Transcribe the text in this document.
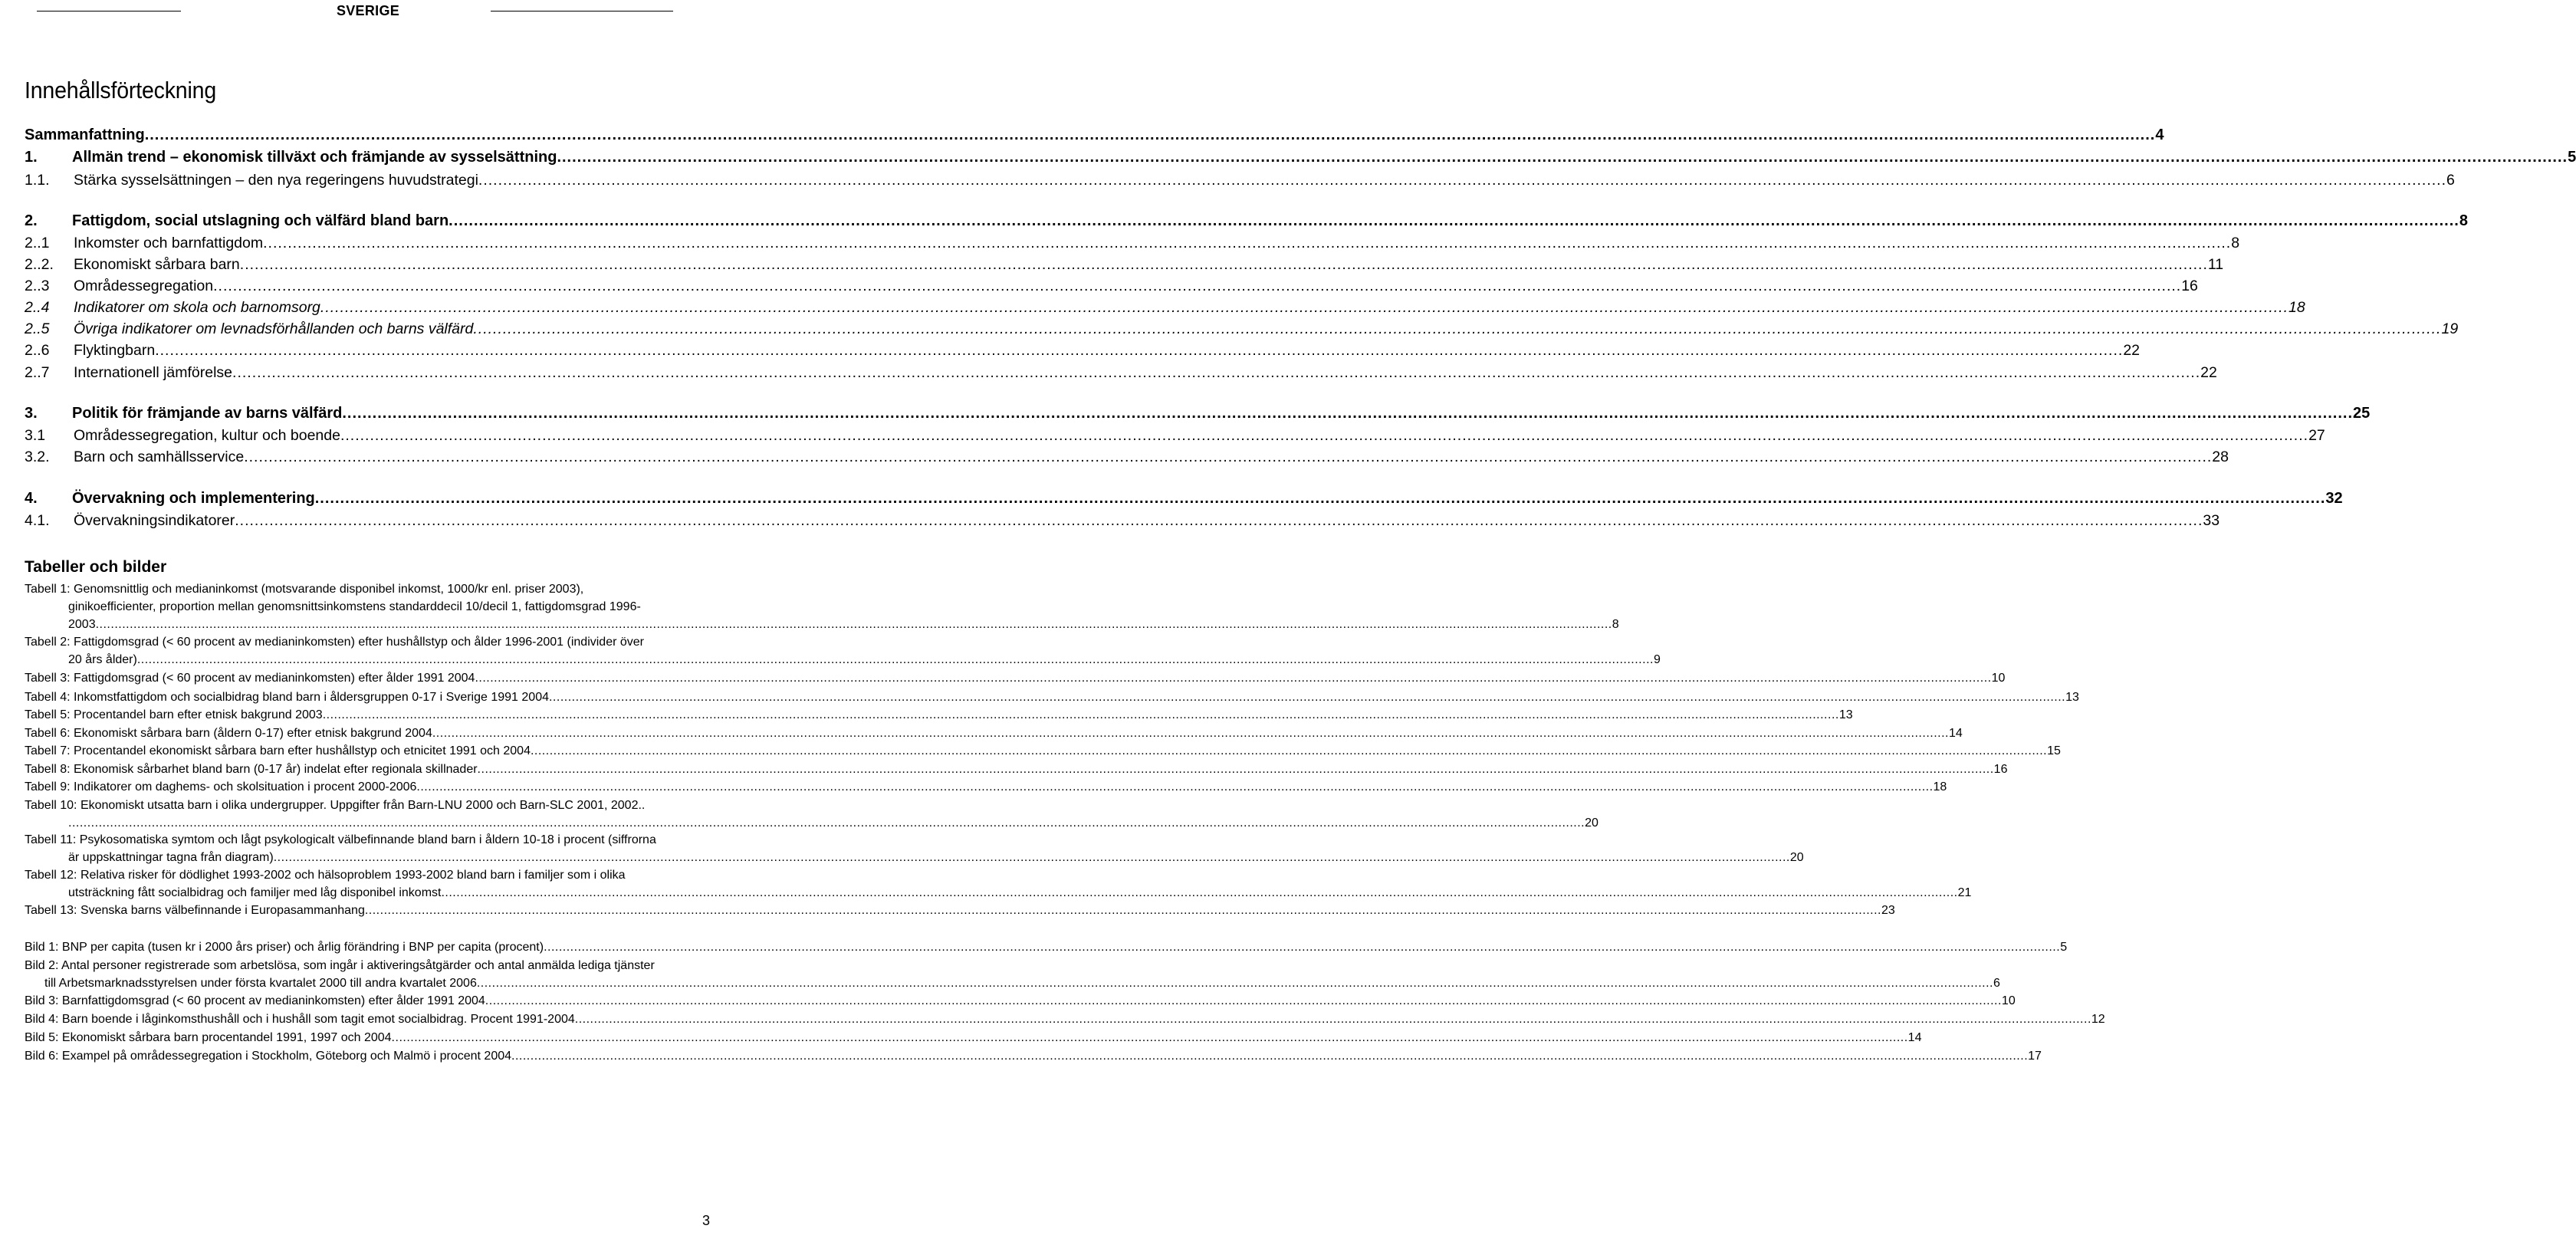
SVERIGE
Innehållsförteckning
Sammanfattning ................................................................................................................................................................................................................................................................................................................................................................................................................ 4
1.	Allmän trend – ekonomisk tillväxt och främjande av sysselsättning ................................................................................................................................................................................................................................................................................................................................................................................................................ 5
1.1.	Stärka sysselsättningen – den nya regeringens huvudstrategi ................................................................................................................................................................................................................................................................................................................................................................................................................ 6
2.	Fattigdom, social utslagning och välfärd bland barn ................................................................................................................................................................................................................................................................................................................................................................................................................ 8
2..1	Inkomster och barnfattigdom ................................................................................................................................................................................................................................................................................................................................................................................................................ 8
2..2.	Ekonomiskt sårbara barn ................................................................................................................................................................................................................................................................................................................................................................................................................ 11
2..3	Områdessegregation ................................................................................................................................................................................................................................................................................................................................................................................................................ 16
2..4	Indikatorer om skola och barnomsorg ................................................................................................................................................................................................................................................................................................................................................................................................................ 18
2..5	Övriga indikatorer om levnadsförhållanden och barns välfärd ................................................................................................................................................................................................................................................................................................................................................................................................................ 19
2..6	Flyktingbarn ................................................................................................................................................................................................................................................................................................................................................................................................................ 22
2..7	Internationell jämförelse ................................................................................................................................................................................................................................................................................................................................................................................................................ 22
3.	Politik för främjande av barns välfärd ................................................................................................................................................................................................................................................................................................................................................................................................................ 25
3.1	Områdessegregation, kultur och boende ................................................................................................................................................................................................................................................................................................................................................................................................................ 27
3.2.	Barn och samhällsservice ................................................................................................................................................................................................................................................................................................................................................................................................................ 28
4.	Övervakning och implementering ................................................................................................................................................................................................................................................................................................................................................................................................................ 32
4.1.	Övervakningsindikatorer ................................................................................................................................................................................................................................................................................................................................................................................................................ 33
Tabeller och bilder
Tabell 1: Genomsnittlig och medianinkomst (motsvarande disponibel inkomst, 1000/kr enl. priser 2003),
ginikoefficienter, proportion mellan genomsnittsinkomstens standarddecil 10/decil 1, fattigdomsgrad 1996-
2003 ................................................................................................................................................................................................................................................................................................................................................................................................................ 8
Tabell 2: Fattigdomsgrad (< 60 procent av medianinkomsten) efter hushållstyp och ålder 1996-2001 (individer över
20 års ålder) ................................................................................................................................................................................................................................................................................................................................................................................................................ 9
Tabell 3: Fattigdomsgrad (< 60 procent av medianinkomsten) efter ålder 1991 2004 ................................................................................................................................................................................................................................................................................................................................................................................................................ 10
Tabell 4: Inkomstfattigdom och socialbidrag bland barn i åldersgruppen 0-17 i Sverige 1991 2004 ................................................................................................................................................................................................................................................................................................................................................................................................................ 13
Tabell 5: Procentandel barn efter etnisk bakgrund 2003 ................................................................................................................................................................................................................................................................................................................................................................................................................ 13
Tabell 6: Ekonomiskt sårbara barn (åldern 0-17) efter etnisk bakgrund 2004 ................................................................................................................................................................................................................................................................................................................................................................................................................ 14
Tabell 7: Procentandel ekonomiskt sårbara barn efter hushållstyp och etnicitet 1991 och 2004 ................................................................................................................................................................................................................................................................................................................................................................................................................ 15
Tabell 8: Ekonomisk sårbarhet bland barn (0-17 år) indelat efter regionala skillnader ................................................................................................................................................................................................................................................................................................................................................................................................................ 16
Tabell 9: Indikatorer om daghems- och skolsituation i procent 2000-2006 ................................................................................................................................................................................................................................................................................................................................................................................................................ 18
Tabell 10: Ekonomiskt utsatta barn i olika undergrupper. Uppgifter från Barn-LNU 2000 och Barn-SLC 2001, 2002..
................................................................................................................................................................................................................................................................................................................................................................................................................ 20
Tabell 11: Psykosomatiska symtom och lågt psykologicalt välbefinnande bland barn i åldern 10-18 i procent (siffrorna
är uppskattningar tagna från diagram) ................................................................................................................................................................................................................................................................................................................................................................................................................ 20
Tabell 12: Relativa risker för dödlighet 1993-2002 och hälsoproblem 1993-2002 bland barn i familjer som i olika
utsträckning fått socialbidrag och familjer med låg disponibel inkomst ................................................................................................................................................................................................................................................................................................................................................................................................................ 21
Tabell 13: Svenska barns välbefinnande i Europasammanhang ................................................................................................................................................................................................................................................................................................................................................................................................................ 23
Bild 1: BNP per capita (tusen kr i 2000 års priser) och årlig förändring i BNP per capita (procent) ................................................................................................................................................................................................................................................................................................................................................................................................................ 5
Bild 2: Antal personer registrerade som arbetslösa, som ingår i aktiveringsåtgärder och antal anmälda lediga tjänster
till Arbetsmarknadsstyrelsen under första kvartalet 2000 till andra kvartalet 2006 ................................................................................................................................................................................................................................................................................................................................................................................................................ 6
Bild 3: Barnfattigdomsgrad (< 60 procent av medianinkomsten) efter ålder 1991 2004 ................................................................................................................................................................................................................................................................................................................................................................................................................ 10
Bild 4: Barn boende i låginkomsthushåll och i hushåll som tagit emot socialbidrag. Procent 1991-2004 ................................................................................................................................................................................................................................................................................................................................................................................................................ 12
Bild 5: Ekonomiskt sårbara barn procentandel 1991, 1997 och 2004 ................................................................................................................................................................................................................................................................................................................................................................................................................ 14
Bild 6: Exampel på områdessegregation i Stockholm, Göteborg och Malmö i procent 2004 ................................................................................................................................................................................................................................................................................................................................................................................................................ 17
3
